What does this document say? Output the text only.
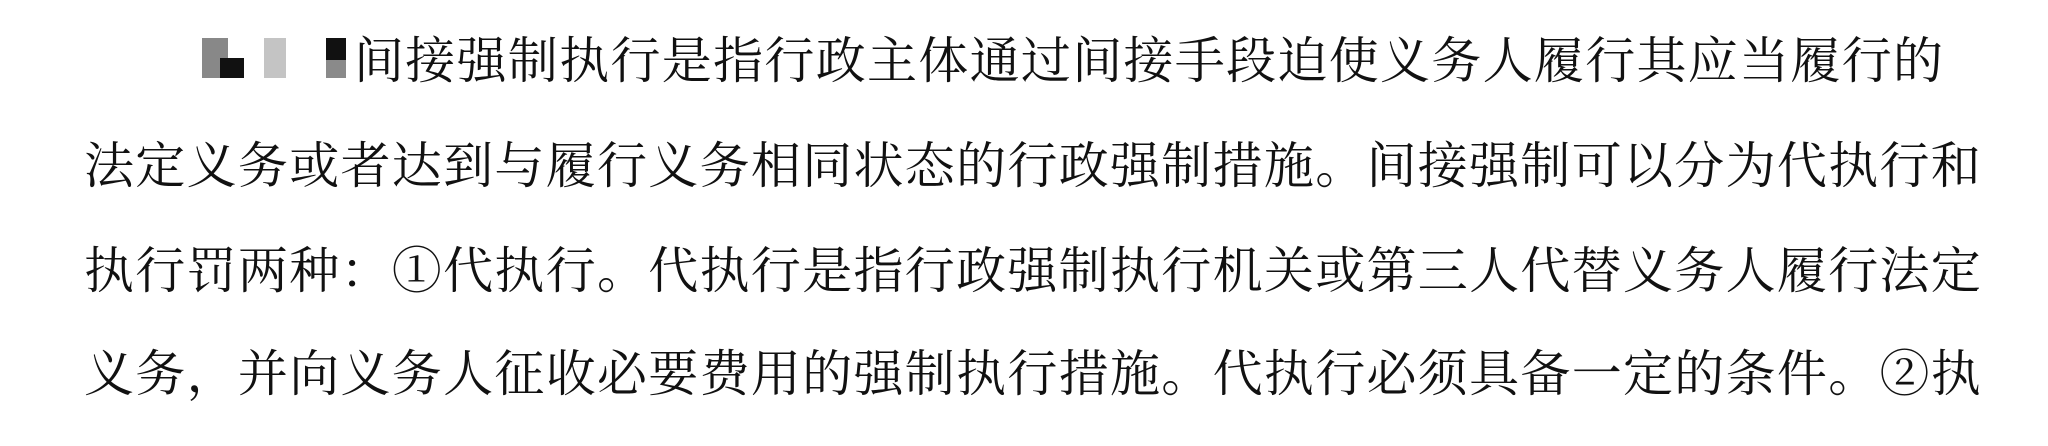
间接强制执行是指行政主体通过间接手段迫使义务人履行其应当履行的
法定义务或者达到与履行义务相同状态的行政强制措施。间接强制可以分为代执行和
执行罚两种：①代执行。代执行是指行政强制执行机关或第三人代替义务人履行法定
义务，并向义务人征收必要费用的强制执行措施。代执行必须具备一定的条件。②执
